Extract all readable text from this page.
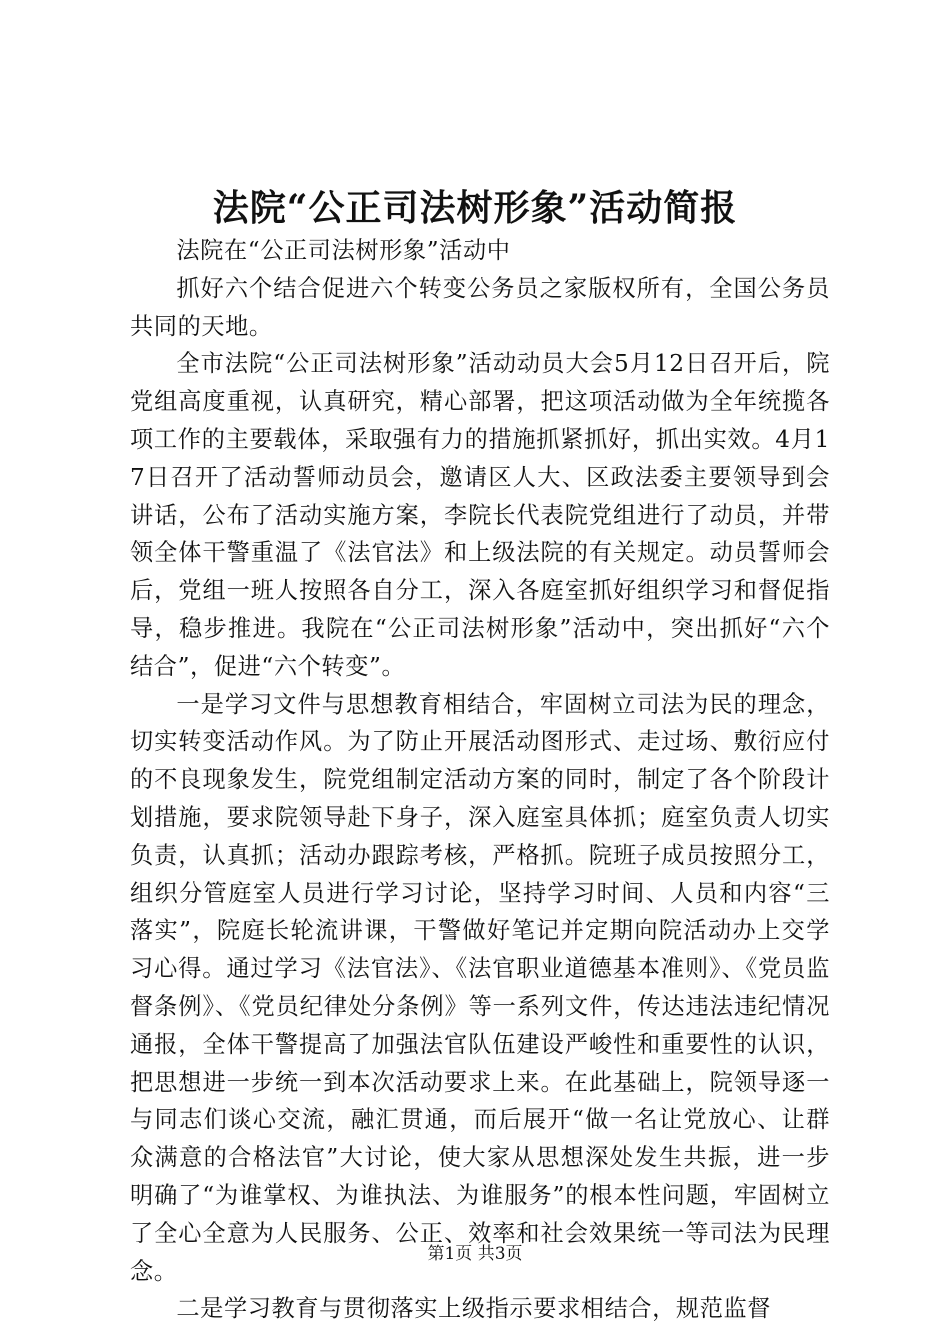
法院“公正司法树形象”活动简报

法院在“公正司法树形象”活动中

抓好六个结合促进六个转变公务员之家版权所有，全国公务员共同的天地。

全市法院“公正司法树形象”活动动员大会5月12日召开后，院党组高度重视，认真研究，精心部署，把这项活动做为全年统揽各项工作的主要载体，采取强有力的措施抓紧抓好，抓出实效。4月17日召开了活动誓师动员会，邀请区人大、区政法委主要领导到会讲话，公布了活动实施方案，李院长代表院党组进行了动员，并带领全体干警重温了《法官法》和上级法院的有关规定。动员誓师会后，党组一班人按照各自分工，深入各庭室抓好组织学习和督促指导，稳步推进。我院在“公正司法树形象”活动中，突出抓好“六个结合”，促进“六个转变”。

一是学习文件与思想教育相结合，牢固树立司法为民的理念，切实转变活动作风。为了防止开展活动图形式、走过场、敷衍应付的不良现象发生，院党组制定活动方案的同时，制定了各个阶段计划措施，要求院领导赴下身子，深入庭室具体抓；庭室负责人切实负责，认真抓；活动办跟踪考核，严格抓。院班子成员按照分工，组织分管庭室人员进行学习讨论，坚持学习时间、人员和内容“三落实”，院庭长轮流讲课，干警做好笔记并定期向院活动办上交学习心得。通过学习《法官法》、《法官职业道德基本准则》、《党员监督条例》、《党员纪律处分条例》等一系列文件，传达违法违纪情况通报，全体干警提高了加强法官队伍建设严峻性和重要性的认识，把思想进一步统一到本次活动要求上来。在此基础上，院领导逐一与同志们谈心交流，融汇贯通，而后展开“做一名让党放心、让群众满意的合格法官”大讨论，使大家从思想深处发生共振，进一步明确了“为谁掌权、为谁执法、为谁服务”的根本性问题，牢固树立了全心全意为人民服务、公正、效率和社会效果统一等司法为民理念。

二是学习教育与贯彻落实上级指示要求相结合，规范监督

第1页 共3页
